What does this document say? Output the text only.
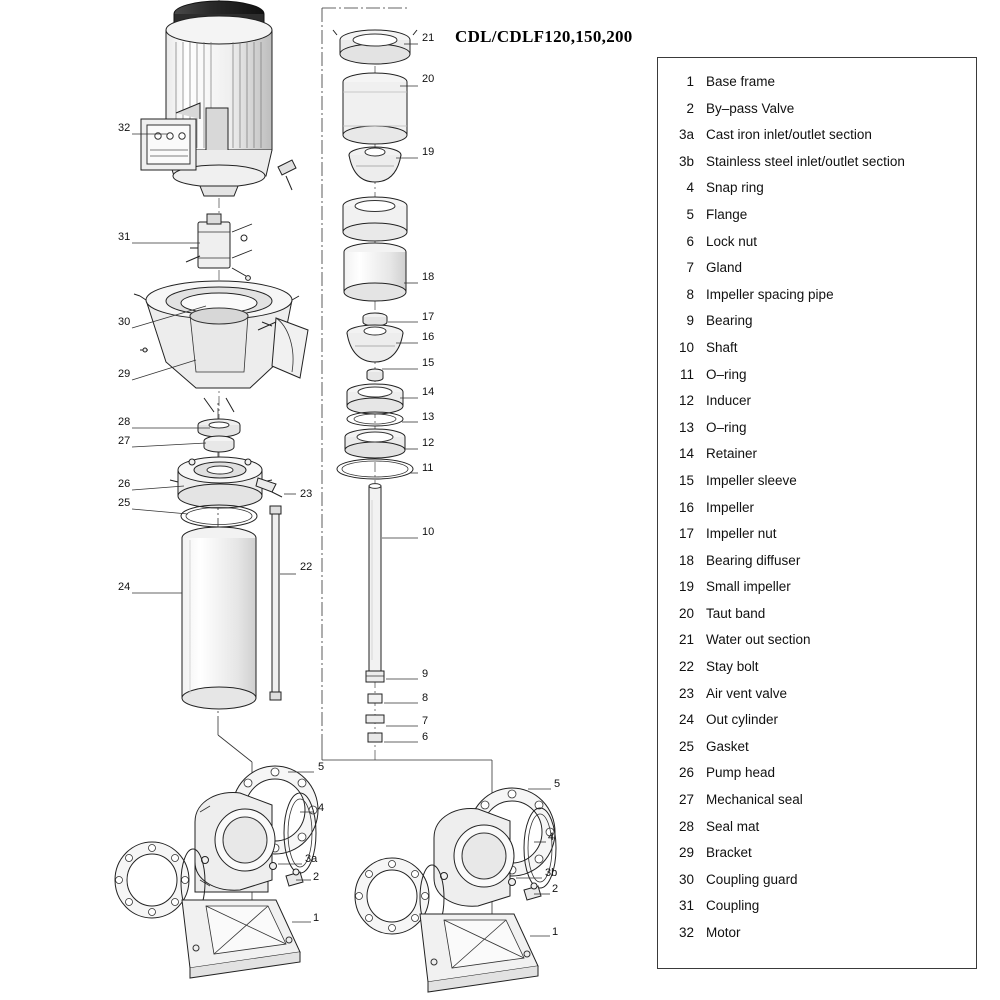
CDL/CDLF120,150,200
1 Base frame
2 By–pass Valve
3a Cast iron inlet/outlet section
3b Stainless steel inlet/outlet section
4 Snap ring
5 Flange
6 Lock nut
7 Gland
8 Impeller spacing pipe
9 Bearing
10 Shaft
11 O–ring
12 Inducer
13 O–ring
14 Retainer
15 Impeller sleeve
16 Impeller
17 Impeller nut
18 Bearing diffuser
19 Small impeller
20 Taut band
21 Water out section
22 Stay bolt
23 Air vent valve
24 Out cylinder
25 Gasket
26 Pump head
27 Mechanical seal
28 Seal mat
29 Bracket
30 Coupling guard
31 Coupling
32 Motor
32
31
30
29
28
27
26
25
24
21
20
19
18
17
16
15
14
13
12
11
10
9
8
7
6
23
22
5
4
3a
2
1
5
4
3b
2
1
